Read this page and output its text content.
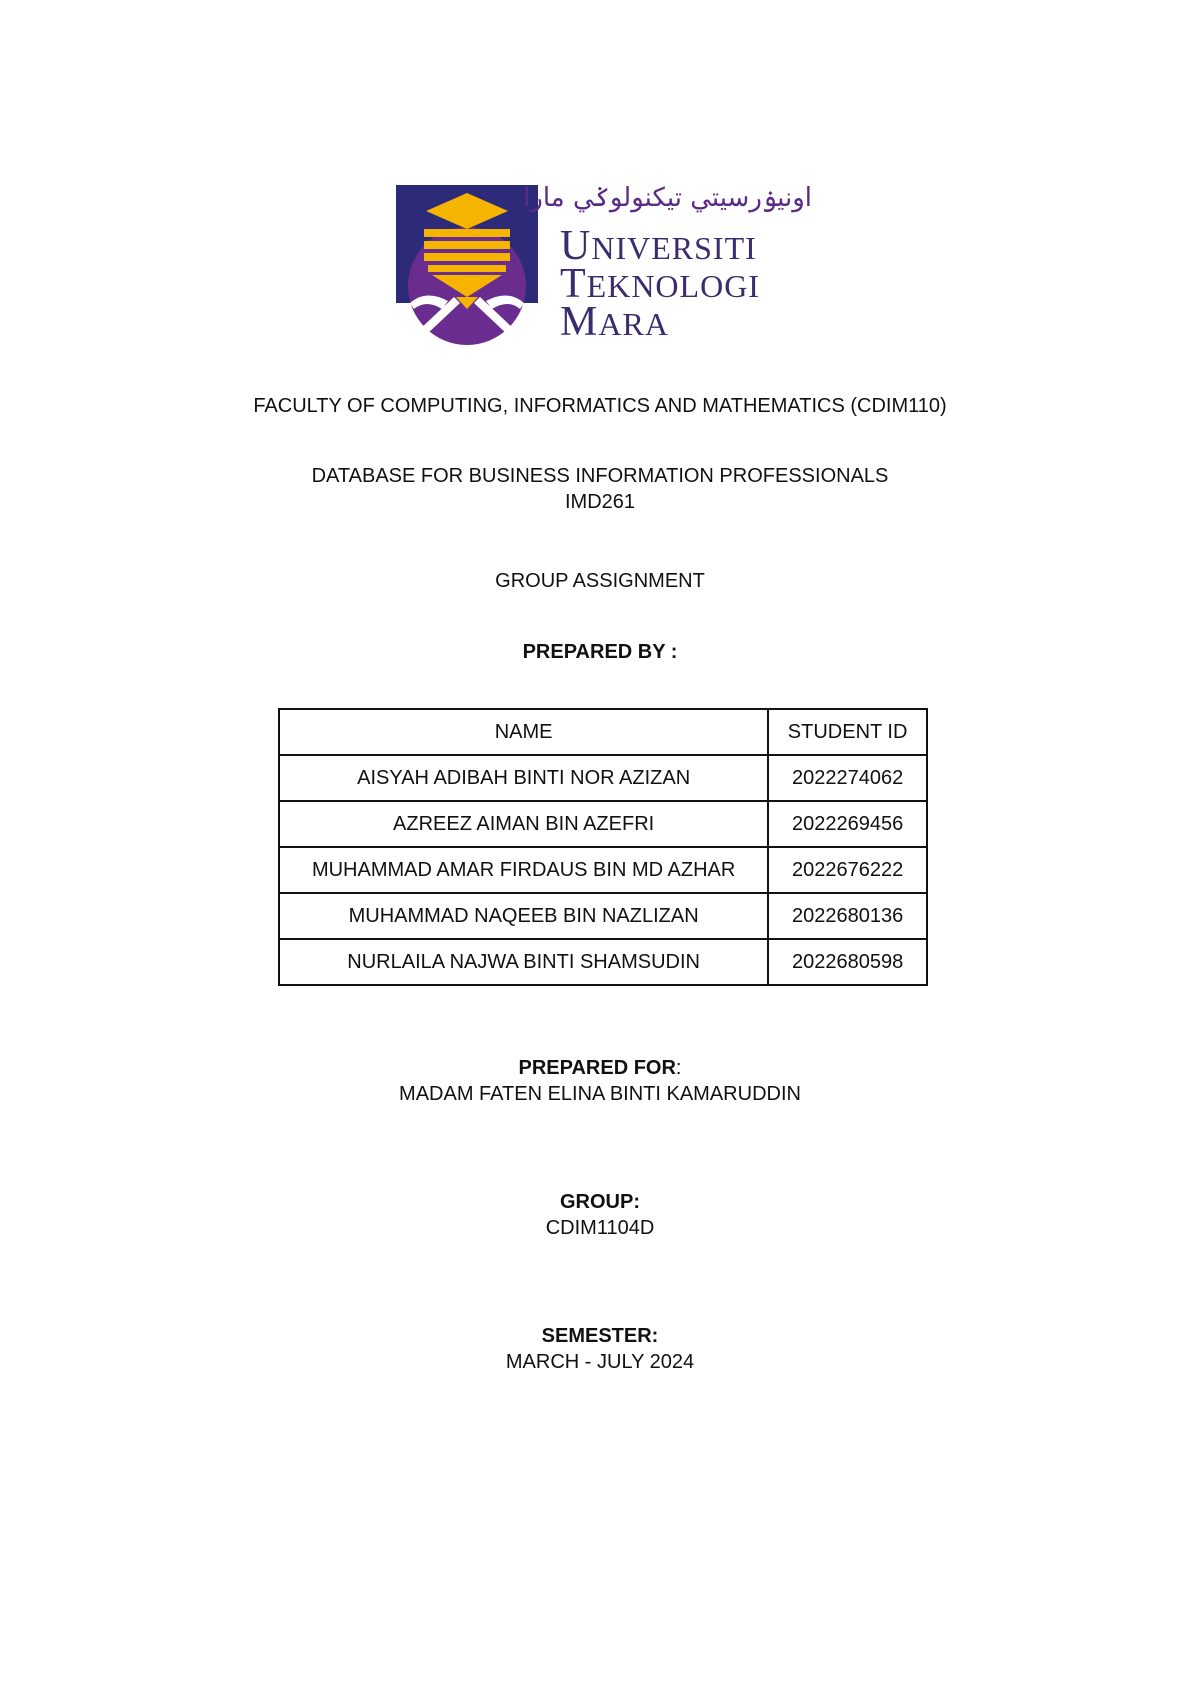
اونيۏرسيتي تيكنولوݢي مارا
UNIVERSITI
TEKNOLOGI
MARA
FACULTY OF COMPUTING, INFORMATICS AND MATHEMATICS (CDIM110)
DATABASE FOR BUSINESS INFORMATION PROFESSIONALS
IMD261
GROUP ASSIGNMENT
PREPARED BY :
NAME	STUDENT ID
AISYAH ADIBAH BINTI NOR AZIZAN	2022274062
AZREEZ AIMAN BIN AZEFRI	2022269456
MUHAMMAD AMAR FIRDAUS BIN MD AZHAR	2022676222
MUHAMMAD NAQEEB BIN NAZLIZAN	2022680136
NURLAILA NAJWA BINTI SHAMSUDIN	2022680598
PREPARED FOR:
MADAM FATEN ELINA BINTI KAMARUDDIN
GROUP:
CDIM1104D
SEMESTER:
MARCH - JULY 2024
